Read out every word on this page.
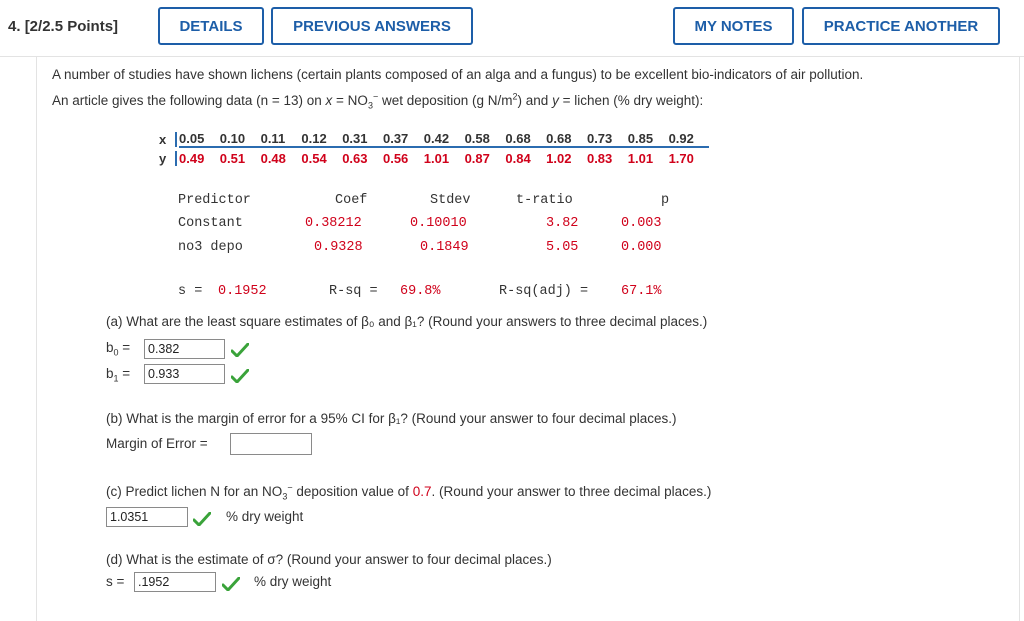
4. [2/2.5 Points]	DETAILS	PREVIOUS ANSWERS	MY NOTES	PRACTICE ANOTHER
A number of studies have shown lichens (certain plants composed of an alga and a fungus) to be excellent bio-indicators of air pollution.
An article gives the following data (n = 13) on $x = NO_3^-$ wet deposition (g $N/m^2$) and y = lichen (% dry weight):
x 0.05 0.10 0.11 0.12 0.31 0.37 0.42 0.58 0.68 0.68 0.73 0.85 0.92
y 0.49 0.51 0.48 0.54 0.63 0.56 1.01 0.87 0.84 1.02 0.83 1.01 1.70
Predictor	Coef	Stdev	t-ratio	p
Constant	0.38212	0.10010	3.82	0.003
no3 depo	0.9328	0.1849	5.05	0.000
s = 0.1952	R-sq = 69.8%	R-sq(adj) = 67.1%
(a) What are the least square estimates of β₀ and β₁? (Round your answers to three decimal places.)
$b_0$ =
0.382
$b_1$ =
0.933
(b) What is the margin of error for a 95% CI for β₁? (Round your answer to four decimal places.)
Margin of Error =
(c) Predict lichen N for an $NO_3^-$ deposition value of 0.7. (Round your answer to three decimal places.)
1.0351
% dry weight
(d) What is the estimate of σ? (Round your answer to four decimal places.)
s =
.1952	% dry weight
